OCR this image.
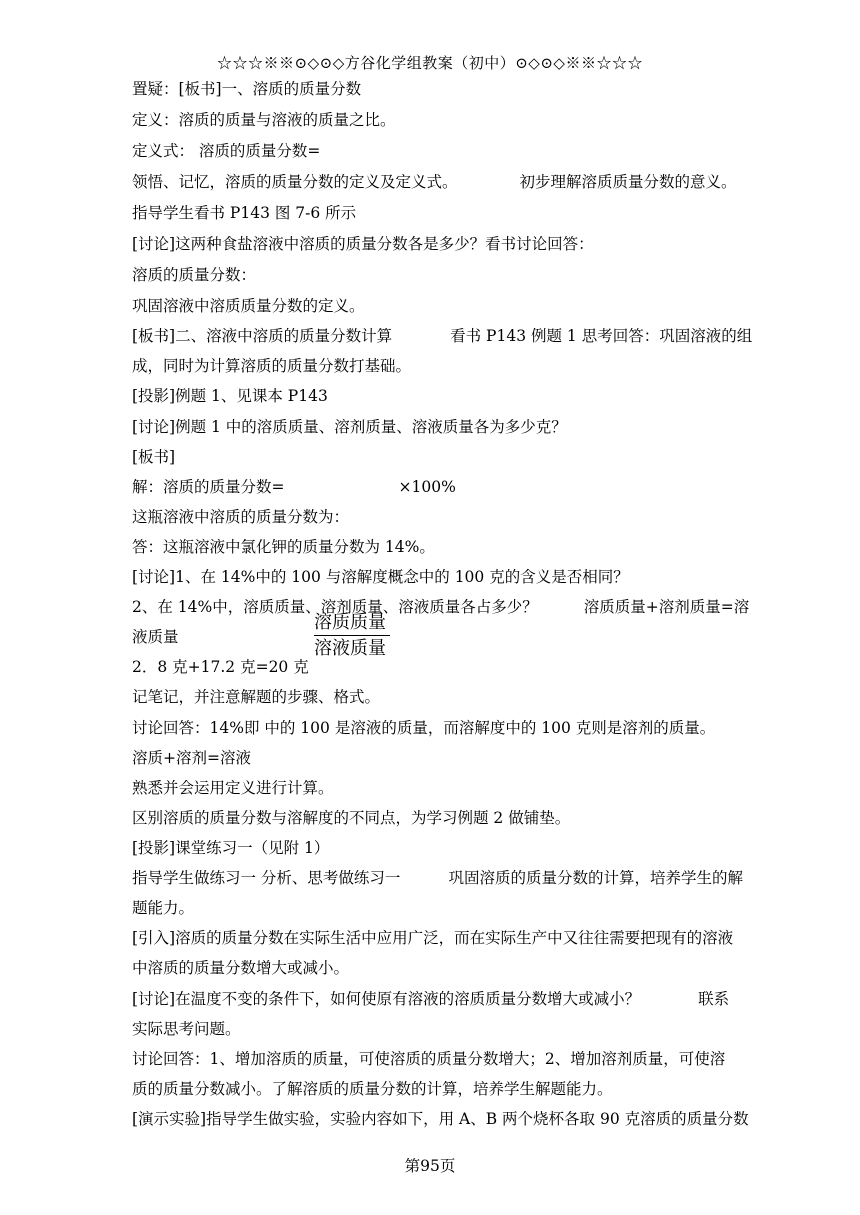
☆☆☆※※⊙◇⊙◇方谷化学组教案（初中）⊙◇⊙◇※※☆☆☆
置疑：[板书]一、溶质的质量分数
定义：溶质的质量与溶液的质量之比。
定义式： 溶质的质量分数=
领悟、记忆，溶质的质量分数的定义及定义式。	初步理解溶质质量分数的意义。
指导学生看书 P143 图 7-6 所示
[讨论]这两种食盐溶液中溶质的质量分数各是多少？看书讨论回答：
溶质的质量分数：
巩固溶液中溶质质量分数的定义。
[板书]二、溶液中溶质的质量分数计算	看书 P143 例题 1 思考回答：巩固溶液的组
成，同时为计算溶质的质量分数打基础。
[投影]例题 1、见课本 P143
[讨论]例题 1 中的溶质质量、溶剂质量、溶液质量各为多少克？
[板书]
解：溶质的质量分数=	×100%
这瓶溶液中溶质的质量分数为：
答：这瓶溶液中氯化钾的质量分数为 14%。
[讨论]1、在 14%中的 100 与溶解度概念中的 100 克的含义是否相同？
2、在 14%中，溶质质量、溶剂质量、溶液质量各占多少？	溶质质量+溶剂质量=溶
液质量
溶质质量
溶液质量
2．8 克+17.2 克=20 克
记笔记，并注意解题的步骤、格式。
讨论回答：14%即 中的 100 是溶液的质量，而溶解度中的 100 克则是溶剂的质量。
溶质+溶剂=溶液
熟悉并会运用定义进行计算。
区别溶质的质量分数与溶解度的不同点，为学习例题 2 做铺垫。
[投影]课堂练习一（见附 1）
指导学生做练习一 分析、思考做练习一	巩固溶质的质量分数的计算，培养学生的解
题能力。
[引入]溶质的质量分数在实际生活中应用广泛，而在实际生产中又往往需要把现有的溶液
中溶质的质量分数增大或减小。
[讨论]在温度不变的条件下，如何使原有溶液的溶质质量分数增大或减小？	联系
实际思考问题。
讨论回答：1、增加溶质的质量，可使溶质的质量分数增大；2、增加溶剂质量，可使溶
质的质量分数减小。了解溶质的质量分数的计算，培养学生解题能力。
[演示实验]指导学生做实验，实验内容如下，用 A、B 两个烧杯各取 90 克溶质的质量分数
第95页
